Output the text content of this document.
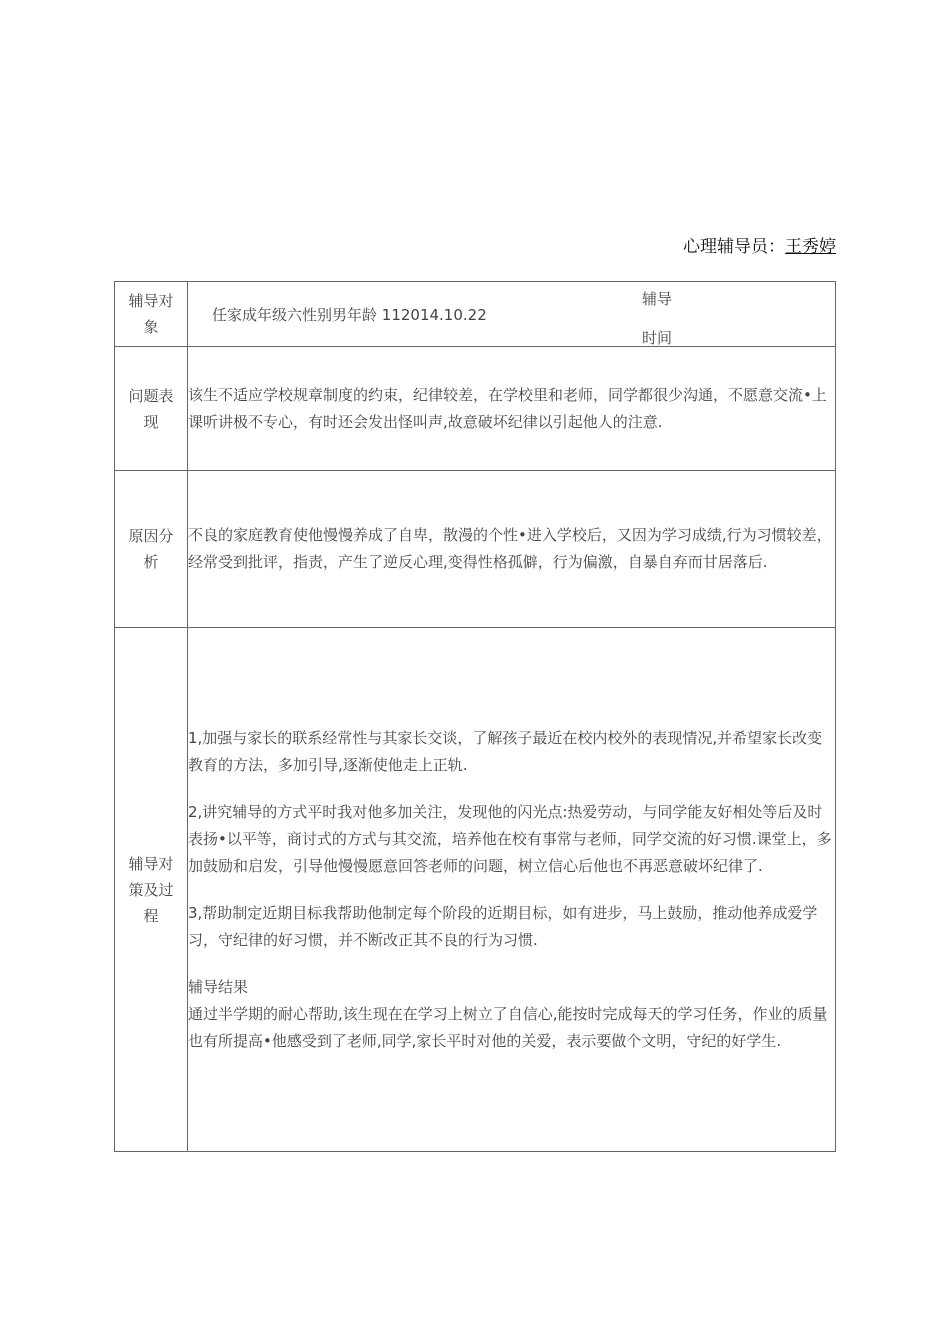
心理辅导员：王秀婷
辅导对象	任家成年级六性别男年龄 112014.10.22
辅导
时间

问题表现	该生不适应学校规章制度的约束，纪律较差，在学校里和老师，同学都很少沟通，不愿意交流•上课听讲极不专心，有时还会发出怪叫声,故意破坏纪律以引起他人的注意.

原因分析	不良的家庭教育使他慢慢养成了自卑，散漫的个性•进入学校后，又因为学习成绩,行为习惯较差，经常受到批评，指责，产生了逆反心理,变得性格孤僻，行为偏激，自暴自弃而甘居落后.

辅导对策及过程	1,加强与家长的联系经常性与其家长交谈，了解孩子最近在校内校外的表现情况,并希望家长改变教育的方法，多加引导,逐渐使他走上正轨.

2,讲究辅导的方式平时我对他多加关注，发现他的闪光点:热爱劳动，与同学能友好相处等后及时表扬•以平等，商讨式的方式与其交流，培养他在校有事常与老师，同学交流的好习惯.课堂上，多加鼓励和启发，引导他慢慢愿意回答老师的问题，树立信心后他也不再恶意破坏纪律了.

3,帮助制定近期目标我帮助他制定每个阶段的近期目标，如有进步，马上鼓励，推动他养成爱学习，守纪律的好习惯，并不断改正其不良的行为习惯.

辅导结果

通过半学期的耐心帮助,该生现在在学习上树立了自信心,能按时完成每天的学习任务，作业的质量也有所提高•他感受到了老师,同学,家长平时对他的关爱，表示要做个文明，守纪的好学生.
